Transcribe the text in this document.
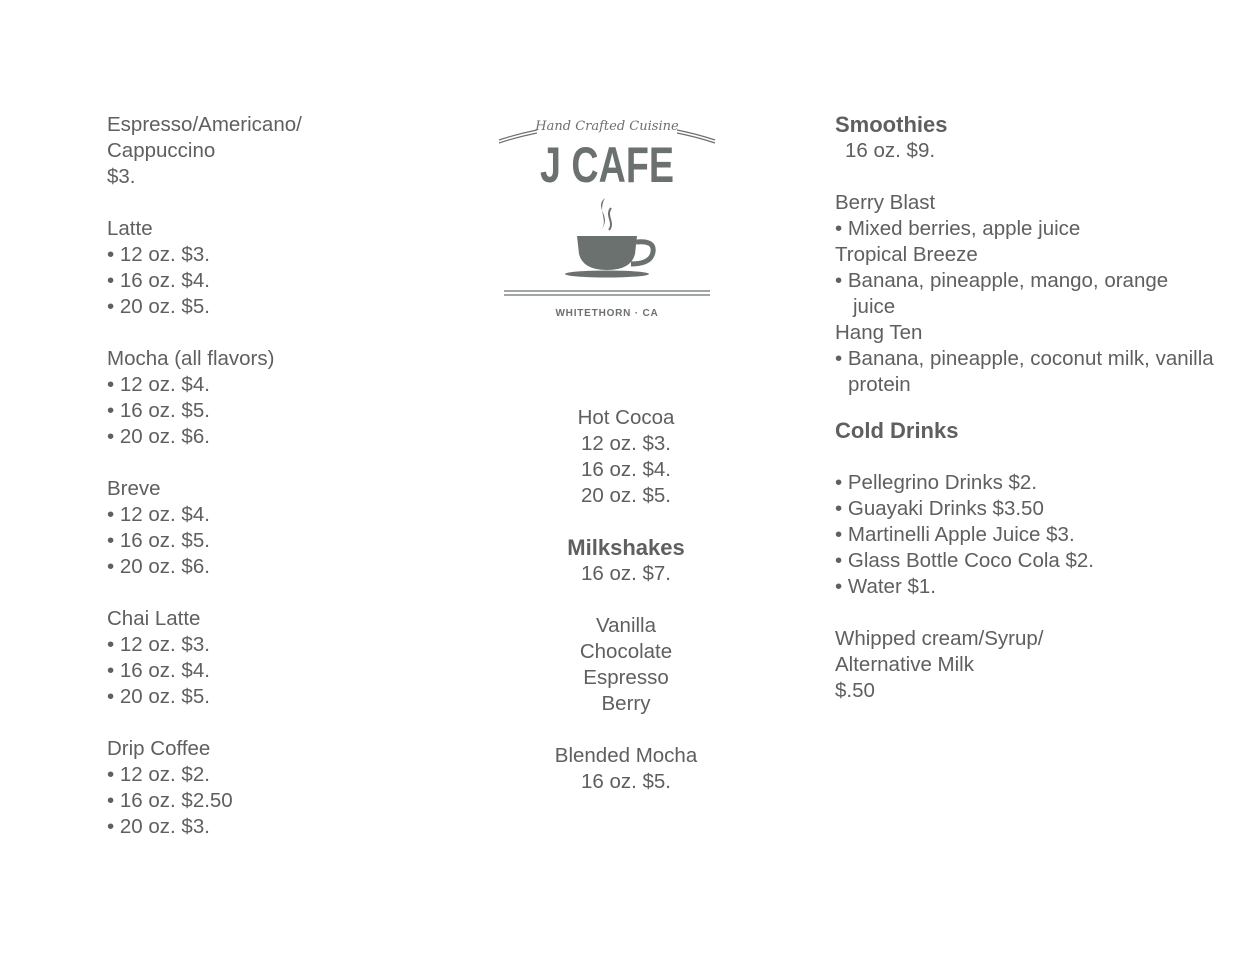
Hand Crafted Cuisine
J CAFE
WHITETHORN · CA
Espresso/Americano/
Cappuccino
$3.
Latte
• 12 oz. $3.
• 16 oz. $4.
• 20 oz. $5.
Mocha (all flavors)
• 12 oz. $4.
• 16 oz. $5.
• 20 oz. $6.
Breve
• 12 oz. $4.
• 16 oz. $5.
• 20 oz. $6.
Chai Latte
• 12 oz. $3.
• 16 oz. $4.
• 20 oz. $5.
Drip Coffee
• 12 oz. $2.
• 16 oz. $2.50
• 20 oz. $3.
Hot Cocoa
12 oz. $3.
16 oz. $4.
20 oz. $5.
Milkshakes
16 oz. $7.
Vanilla
Chocolate
Espresso
Berry
Blended Mocha
16 oz. $5.
Smoothies
16 oz. $9.
Berry Blast
• Mixed berries, apple juice
Tropical Breeze
• Banana, pineapple, mango, orange juice
Hang Ten
• Banana, pineapple, coconut milk, vanilla protein
Cold Drinks
• Pellegrino Drinks $2.
• Guayaki Drinks $3.50
• Martinelli Apple Juice $3.
• Glass Bottle Coco Cola $2.
• Water $1.
Whipped cream/Syrup/
Alternative Milk
$.50
